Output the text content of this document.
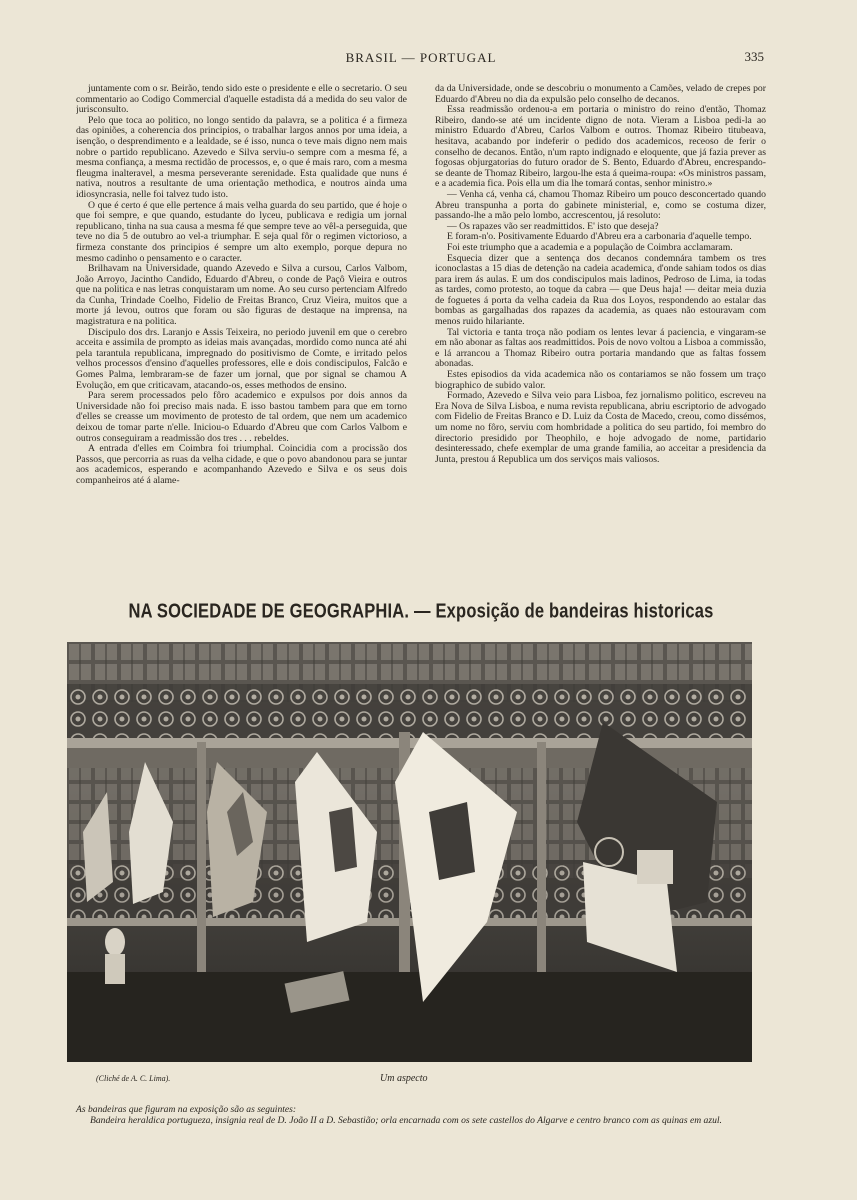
BRASIL — PORTUGAL	335

juntamente com o sr. Beirão, tendo sido este o presidente e elle o secretario. O seu commentario ao Codigo Commercial d'aquelle estadista dá a medida do seu valor de jurisconsulto.

Pelo que toca ao politico, no longo sentido da palavra, se a politica é a firmeza das opiniões, a coherencia dos principios, o trabalhar largos annos por uma ideia, a isenção, o desprendimento e a lealdade, se é isso, nunca o teve mais digno nem mais nobre o partido republicano. Azevedo e Silva serviu-o sempre com a mesma fé, a mesma confiança, a mesma rectidão de processos, e, o que é mais raro, com a mesma fleugma inalteravel, a mesma perseverante serenidade. Esta qualidade que nuns é nativa, noutros a resultante de uma orientação methodica, e noutros ainda uma idiosyncrasia, nelle foi talvez tudo isto.

O que é certo é que elle pertence á mais velha guarda do seu partido, que é hoje o que foi sempre, e que quando, estudante do lyceu, publicava e redigia um jornal republicano, tinha na sua causa a mesma fé que sempre teve ao vêl-a perseguida, que teve no dia 5 de outubro ao vel-a triumphar. E seja qual fôr o regimen victorioso, a firmeza constante dos principios é sempre um alto exemplo, porque depura no mesmo cadinho o pensamento e o caracter.

Brilhavam na Universidade, quando Azevedo e Silva a cursou, Carlos Valbom, João Arroyo, Jacintho Candido, Eduardo d'Abreu, o conde de Paçô Vieira e outros que na politica e nas letras conquistaram um nome. Ao seu curso pertenciam Alfredo da Cunha, Trindade Coelho, Fidelio de Freitas Branco, Cruz Vieira, muitos que a morte já levou, outros que foram ou são figuras de destaque na imprensa, na magistratura e na politica.

Discipulo dos drs. Laranjo e Assis Teixeira, no periodo juvenil em que o cerebro acceita e assimila de prompto as ideias mais avançadas, mordido como nunca até ahi pela tarantula republicana, impregnado do positivismo de Comte, e irritado pelos velhos processos d'ensino d'aquelles professores, elle e dois condiscipulos, Falcão e Gomes Palma, lembraram-se de fazer um jornal, que por signal se chamou A Evolução, em que criticavam, atacando-os, esses methodos de ensino.

Para serem processados pelo fôro academico e expulsos por dois annos da Universidade não foi preciso mais nada. E isso bastou tambem para que em torno d'elles se creasse um movimento de protesto de tal ordem, que nem um academico deixou de tomar parte n'elle. Iniciou-o Eduardo d'Abreu que com Carlos Valbom e outros conseguiram a readmissão dos tres . . . rebeldes.

A entrada d'elles em Coimbra foi triumphal. Coincidia com a procissão dos Passos, que percorria as ruas da velha cidade, e que o povo abandonou para se juntar aos academicos, esperando e acompanhando Azevedo e Silva e os seus dois companheiros até á alame-

da da Universidade, onde se descobriu o monumento a Camões, velado de crepes por Eduardo d'Abreu no dia da expulsão pelo conselho de decanos.

Essa readmissão ordenou-a em portaria o ministro do reino d'então, Thomaz Ribeiro, dando-se até um incidente digno de nota. Vieram a Lisboa pedi-la ao ministro Eduardo d'Abreu, Carlos Valbom e outros. Thomaz Ribeiro titubeava, hesitava, acabando por indeferir o pedido dos academicos, receoso de ferir o conselho de decanos. Então, n'um rapto indignado e eloquente, que já fazia prever as fogosas objurgatorias do futuro orador de S. Bento, Eduardo d'Abreu, encrespando-se deante de Thomaz Ribeiro, largou-lhe esta á queima-roupa: «Os ministros passam, e a academia fica. Pois ella um dia lhe tomará contas, senhor ministro.»

— Venha cá, venha cá, chamou Thomaz Ribeiro um pouco desconcertado quando Abreu transpunha a porta do gabinete ministerial, e, como se costuma dizer, passando-lhe a mão pelo lombo, accrescentou, já resoluto:

— Os rapazes vão ser readmittidos. E' isto que deseja?

E foram-n'o. Positivamente Eduardo d'Abreu era a carbonaria d'aquelle tempo.

Foi este triumpho que a academia e a população de Coimbra acclamaram.

Esquecia dizer que a sentença dos decanos condemnára tambem os tres iconoclastas a 15 dias de detenção na cadeia academica, d'onde sahiam todos os dias para irem ás aulas. E um dos condiscipulos mais ladinos, Pedroso de Lima, ia todas as tardes, como protesto, ao toque da cabra — que Deus haja! — deitar meia duzia de foguetes á porta da velha cadeia da Rua dos Loyos, respondendo ao estalar das bombas as gargalhadas dos rapazes da academia, as quaes não estouravam com menos ruido hilariante.

Tal victoria e tanta troça não podiam os lentes levar á paciencia, e vingaram-se em não abonar as faltas aos readmittidos. Pois de novo voltou a Lisboa a commissão, e lá arrancou a Thomaz Ribeiro outra portaria mandando que as faltas fossem abonadas.

Estes episodios da vida academica não os contariamos se não fossem um traço biographico de subido valor.

Formado, Azevedo e Silva veio para Lisboa, fez jornalismo politico, escreveu na Era Nova de Silva Lisboa, e numa revista republicana, abriu escriptorio de advogado com Fidelio de Freitas Branco e D. Luiz da Costa de Macedo, creou, como dissémos, um nome no fôro, serviu com hombridade a politica do seu partido, foi membro do directorio presidido por Theophilo, e hoje advogado de nome, partidario desinteressado, chefe exemplar de uma grande familia, ao acceitar a presidencia da Junta, prestou á Republica um dos serviços mais valiosos.

NA SOCIEDADE DE GEOGRAPHIA. — Exposição de bandeiras historicas
(Cliché de A. C. Lima).	Um aspecto

As bandeiras que figuram na exposição são as seguintes:

Bandeira heraldica portugueza, insignia real de D. João II a D. Sebastião; orla encarnada com os sete castellos do Algarve e centro branco com as quinas em azul.
